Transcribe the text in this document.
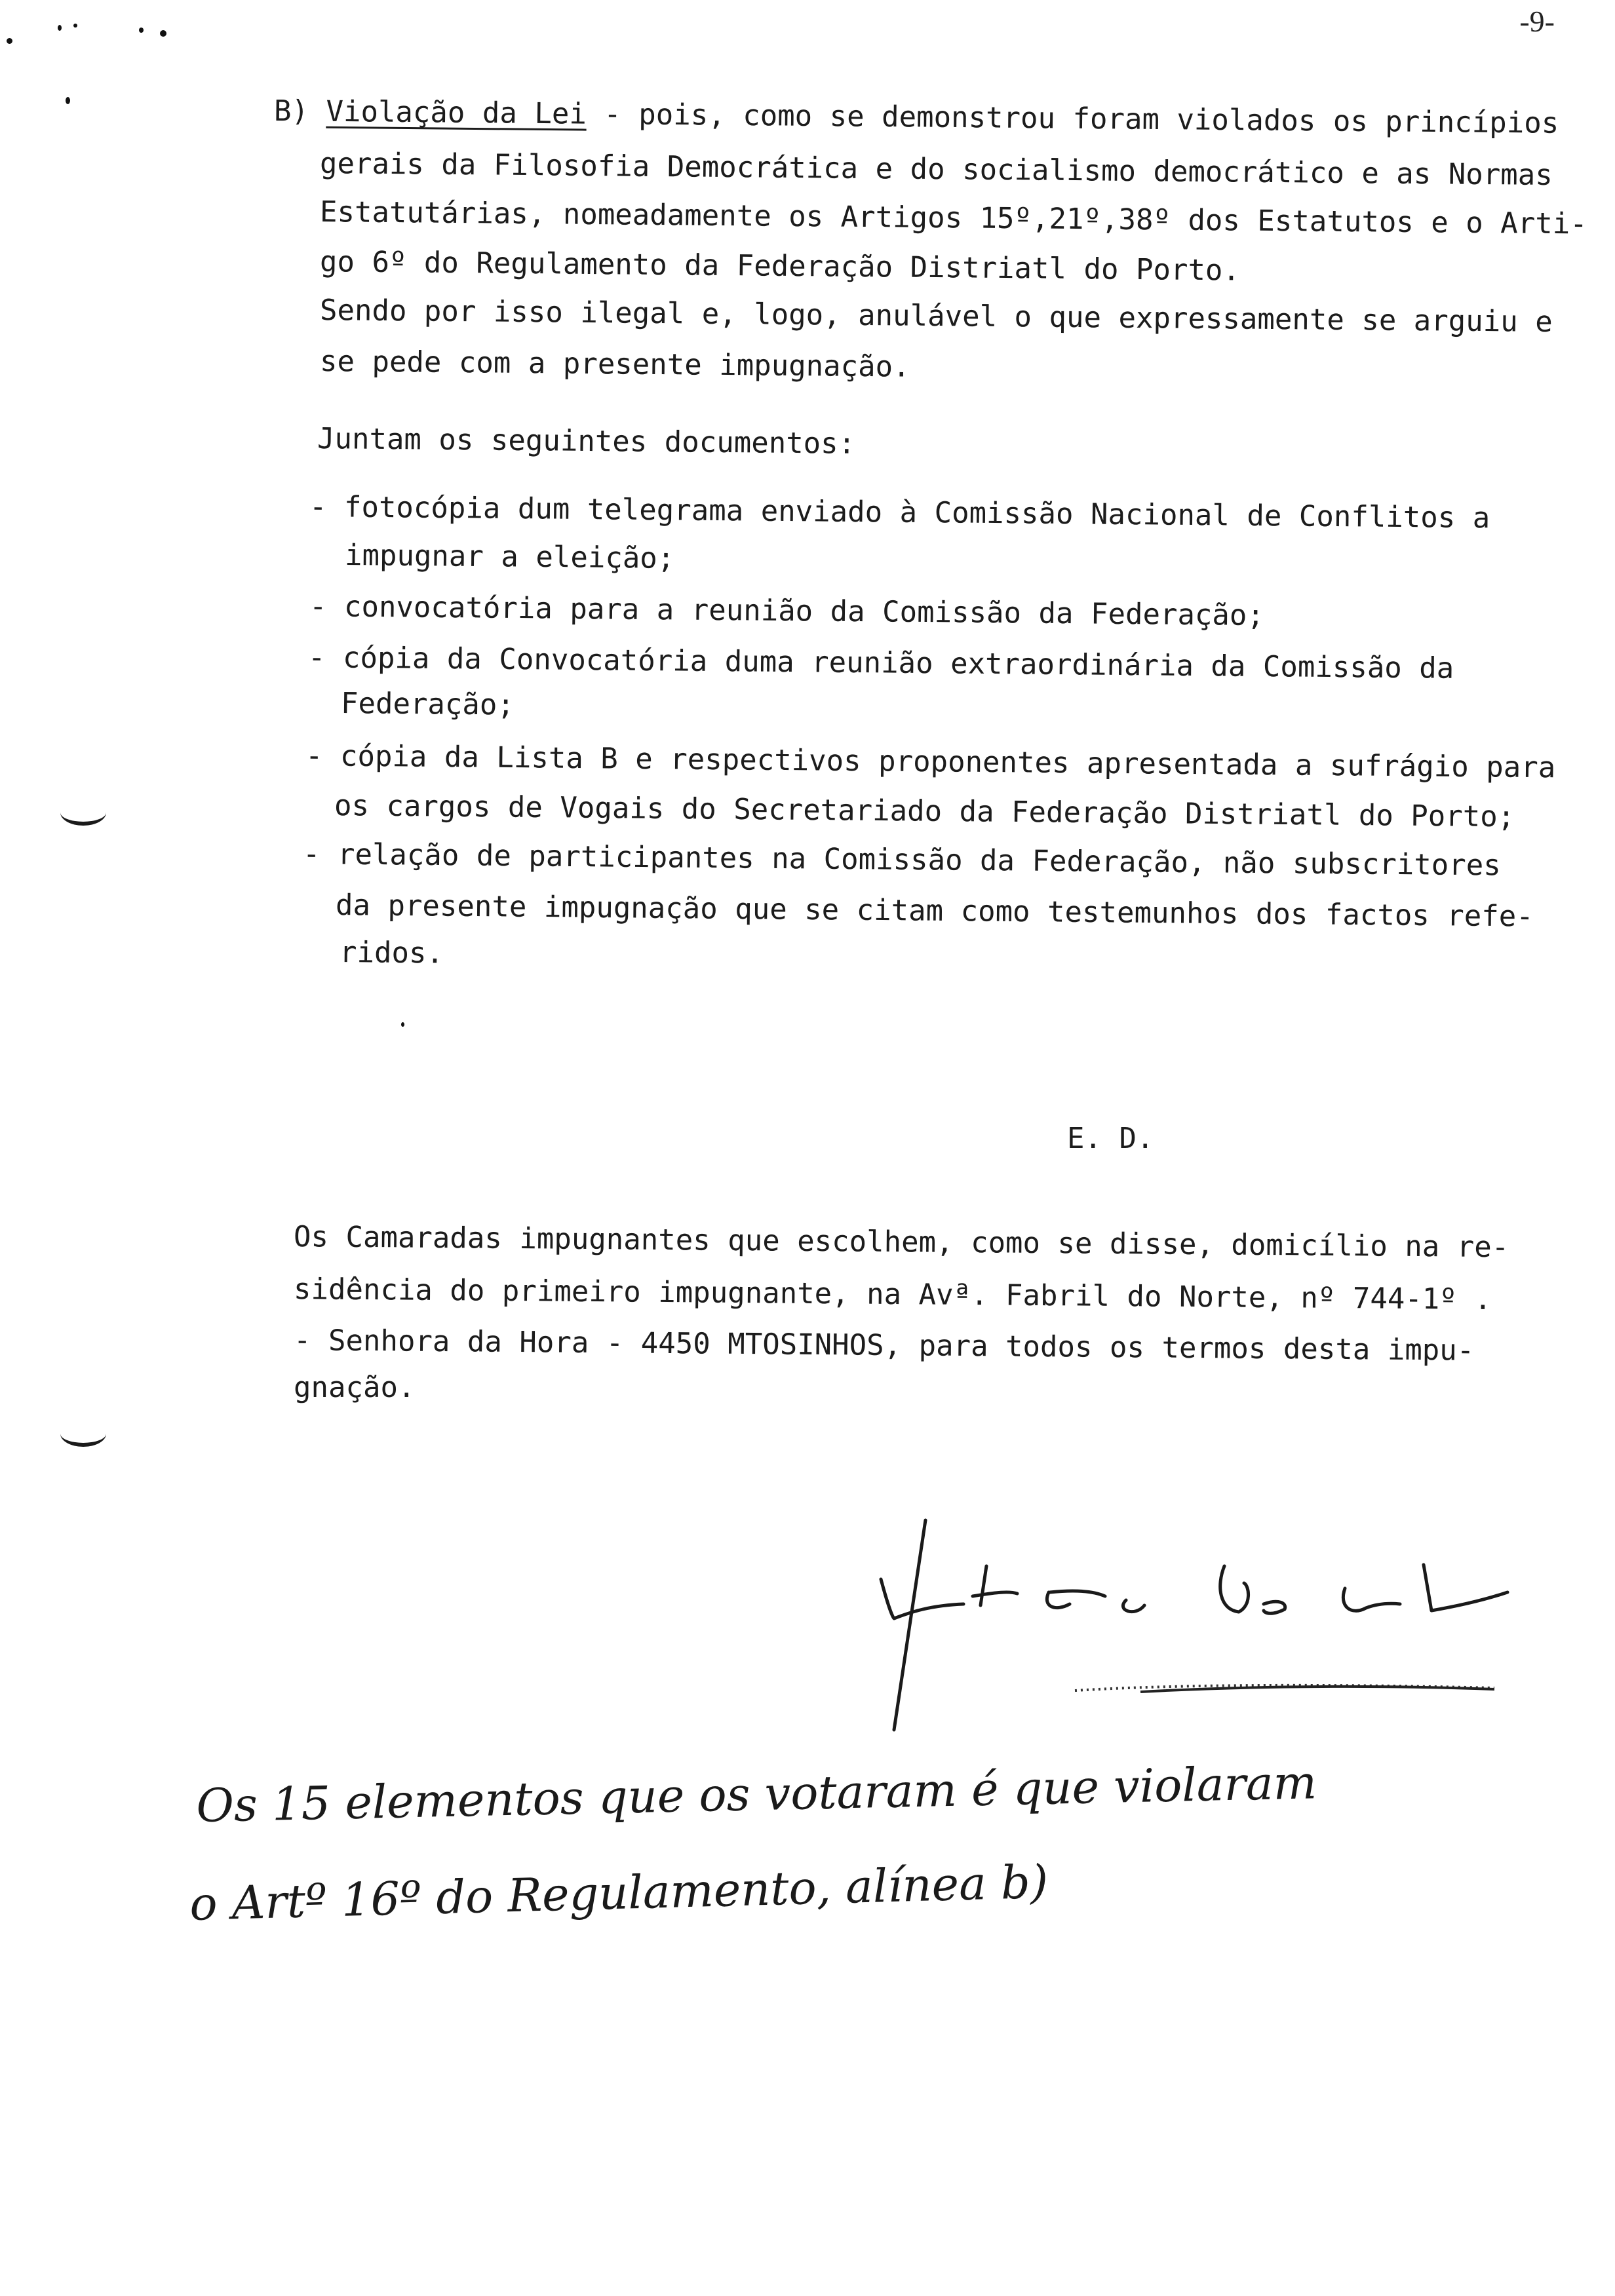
-9-
B) Violação da Lei - pois, como se demonstrou foram violados os princípios
gerais da Filosofia Democrática e do socialismo democrático e as Normas
Estatutárias, nomeadamente os Artigos 15º,21º,38º dos Estatutos e o Arti-
go 6º do Regulamento da Federação Distriatl do Porto.
Sendo por isso ilegal e, logo, anulável o que expressamente se arguiu e
se pede com a presente impugnação.
Juntam os seguintes documentos:
- fotocópia dum telegrama enviado à Comissão Nacional de Conflitos a
impugnar a eleição;
- convocatória para a reunião da Comissão da Federação;
- cópia da Convocatória duma reunião extraordinária da Comissão da
Federação;
- cópia da Lista B e respectivos proponentes apresentada a sufrágio para
os cargos de Vogais do Secretariado da Federação Distriatl do Porto;
- relação de participantes na Comissão da Federação, não subscritores
da presente impugnação que se citam como testemunhos dos factos refe-
ridos.
E. D.
Os Camaradas impugnantes que escolhem, como se disse, domicílio na re-
sidência do primeiro impugnante, na Avª. Fabril do Norte, nº 744-1º .
- Senhora da Hora - 4450 MTOSINHOS, para todos os termos desta impu-
gnação.
Os 15 elementos que os votaram é que violaram
o Artº 16º do Regulamento, alínea b)
